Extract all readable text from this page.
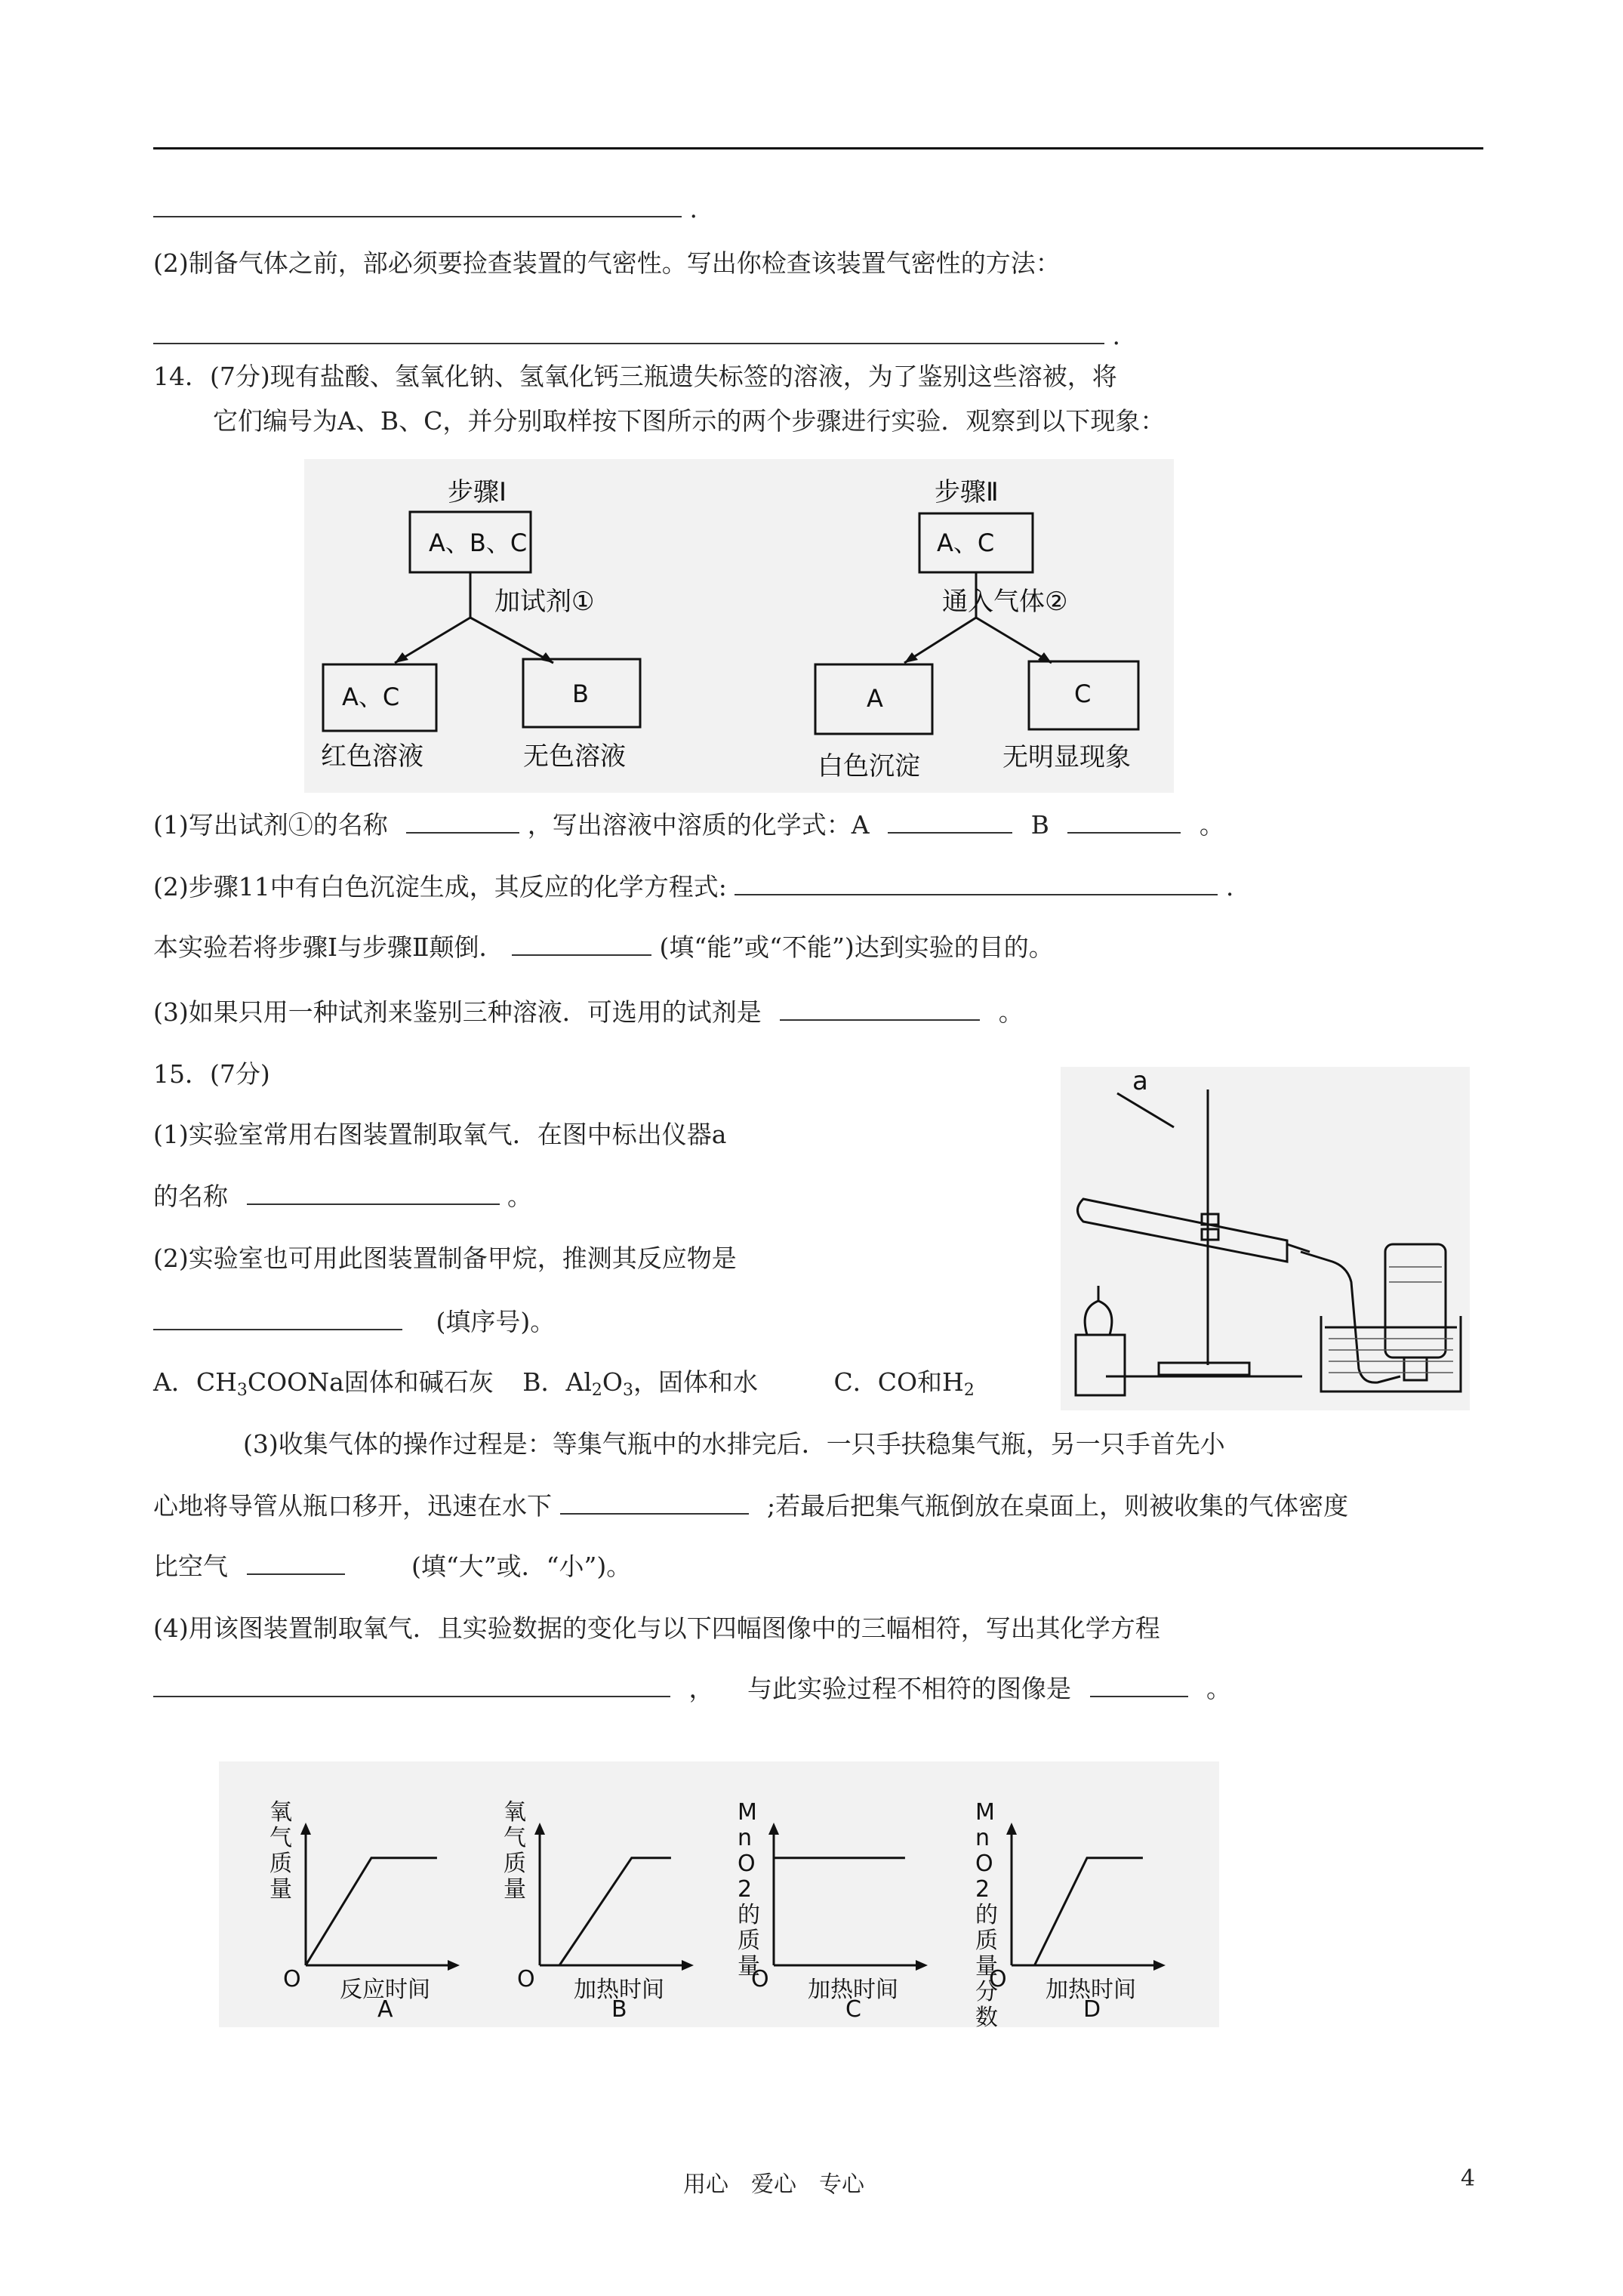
.
(2)制备气体之前，部必须要捡查装置的气密性。写出你检查该装置气密性的方法：
.
14．(7分)现有盐酸、氢氧化钠、氢氧化钙三瓶遗失标签的溶液，为了鉴别这些溶被，将
它们编号为A、B、C，并分别取样按下图所示的两个步骤进行实验．观察到以下现象：
步骤Ⅰ
A、B、C
加试剂①
A、C
红色溶液
B
无色溶液
步骤Ⅱ
A、C
通入气体②
A
白色沉淀
C
无明显现象
(1)写出试剂①的名称	，写出溶液中溶质的化学式：A	B	。
(2)步骤11中有白色沉淀生成，其反应的化学方程式:	.
本实验若将步骤Ⅰ与步骤Ⅱ颠倒．	(填“能”或“不能”)达到实验的目的。
(3)如果只用一种试剂来鉴别三种溶液．可选用的试剂是	。
15．(7分)
(1)实验室常用右图装置制取氧气．在图中标出仪器a
的名称	。
(2)实验室也可用此图装置制备甲烷，推测其反应物是
(填序号)。
A．$CH_3COONa$固体和碱石灰 B．$Al_2O_3$，固体和水	C．CO和$H_2$
a
(3)收集气体的操作过程是：等集气瓶中的水排完后．一只手扶稳集气瓶，另一只手首先小
心地将导管从瓶口移开，迅速在水下	;若最后把集气瓶倒放在桌面上，则被收集的气体密度
比空气	(填“大”或．“小”)。
(4)用该图装置制取氧气．且实验数据的变化与以下四幅图像中的三幅相符，写出其化学方程
， 与此实验过程不相符的图像是	。
O 反应时间
氧气质量
A
O 加热时间
氧气质量
B
O 加热时间
M n O 2 的质量
C
O 加热时间
M n O 2 的质量分数	D
用心　爱心　专心	4
